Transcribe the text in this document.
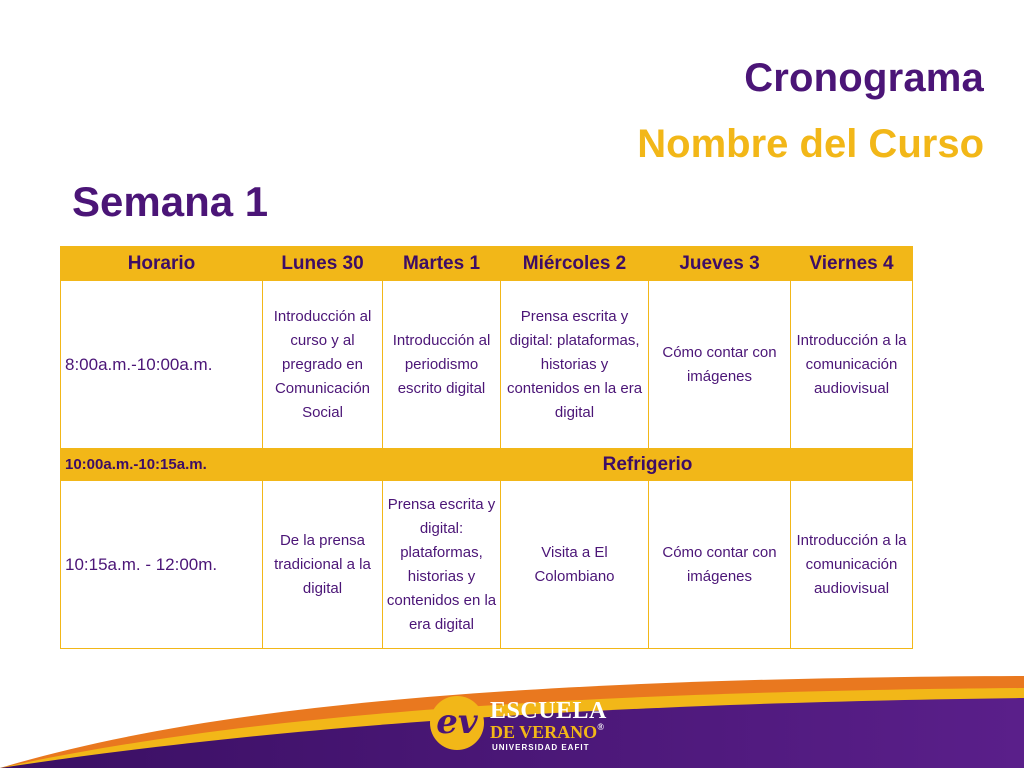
Cronograma
Nombre del Curso
Semana 1
Horario	Lunes 30	Martes 1	Miércoles 2	Jueves 3	Viernes 4
8:00a.m.-10:00a.m.	Introducción al curso y al pregrado en Comunicación Social	Introducción al periodismo escrito digital	Prensa escrita y digital: plataformas, historias y contenidos en la era digital	Cómo contar con imágenes	Introducción a la comunicación audiovisual
10:00a.m.-10:15a.m.		Refrigerio			
10:15a.m. - 12:00m.	De la prensa tradicional a la digital	Prensa escrita y digital: plataformas, historias y contenidos en la era digital	Visita a El Colombiano	Cómo contar con imágenes	Introducción a la comunicación audiovisual
ev ESCUELA
DE VERANO®
UNIVERSIDAD EAFIT
